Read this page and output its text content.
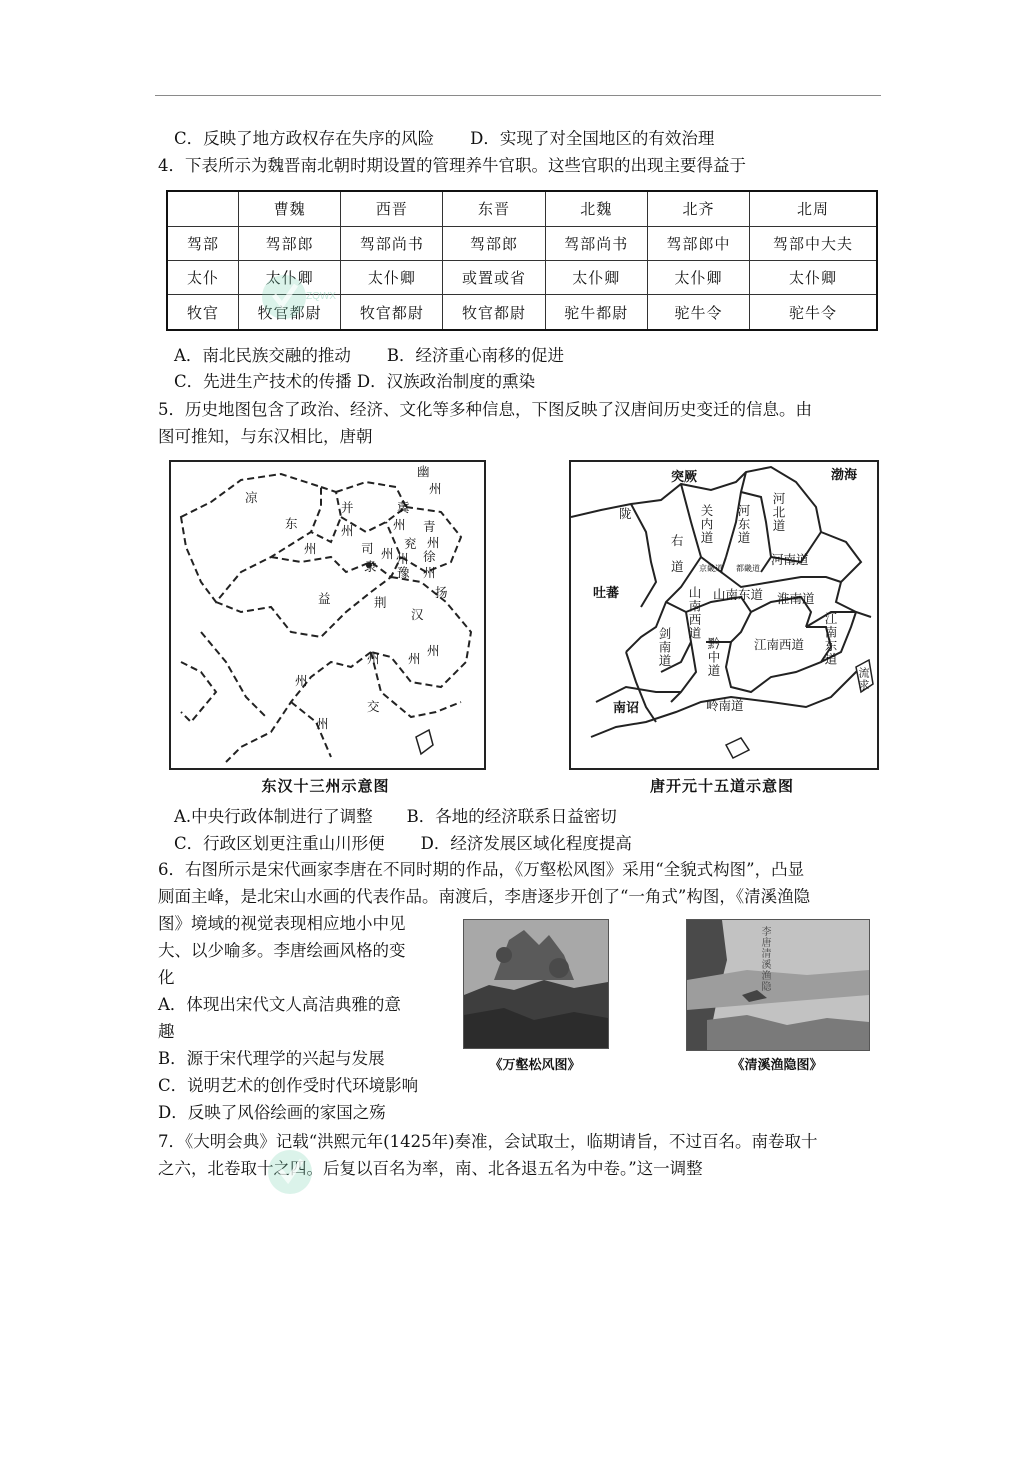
C．反映了地方政权存在失序的风险 D．实现了对全国地区的有效治理
4．下表所示为魏晋南北朝时期设置的管理养牛官职。这些官职的出现主要得益于
	曹魏	西晋	东晋	北魏	北齐	北周
驾部	驾部郎	驾部尚书	驾部郎	驾部尚书	驾部郎中	驾部中大夫
太仆	太仆卿	太仆卿	或置或省	太仆卿	太仆卿	太仆卿
牧官	牧官都尉	牧官都尉	牧官都尉	驼牛都尉	驼牛令	驼牛令
A．南北民族交融的推动 B．经济重心南移的促进
C．先进生产技术的传播 D．汉族政治制度的熏染
5．历史地图包含了政治、经济、文化等多种信息，下图反映了汉唐间历史变迁的信息。由
图可推知，与东汉相比，唐朝
凉
幽
州
并
州
冀
州 青
州
东
州	司 兖
州 徐
隶
州
豫 州
扬
益	荆
汉
州
州
州
州
交
州
东汉十三州示意图
突厥	渤海
陇
右
道
关内道 河东道 河北道
京畿道 都畿道
河南道
吐蕃	山南西道 山南东道 淮南道
剑南道	黔中道	江南西道 江南东道
流求
南诏	岭南道
唐开元十五道示意图
A.中央行政体制进行了调整 B．各地的经济联系日益密切
C．行政区划更注重山川形便 D．经济发展区域化程度提高
6．右图所示是宋代画家李唐在不同时期的作品，《万壑松风图》采用“全貌式构图”，凸显
厕面主峰，是北宋山水画的代表作品。南渡后，李唐逐步开创了“一角式”构图，《清溪渔隐
图》境域的视觉表现相应地小中见
大、以少喻多。李唐绘画风格的变
化
A．体现出宋代文人高洁典雅的意
趣
B．源于宋代理学的兴起与发展
C．说明艺术的创作受时代环境影响
D．反映了风俗绘画的家国之殇
《万壑松风图》
李唐清溪渔隐
《清溪渔隐图》
7．《大明会典》记载“洪熙元年(1425年)奏准，会试取士，临期请旨，不过百名。南卷取十
之六，北卷取十之四。后复以百名为率，南、北各退五名为中卷。”这一调整
ZQWX
